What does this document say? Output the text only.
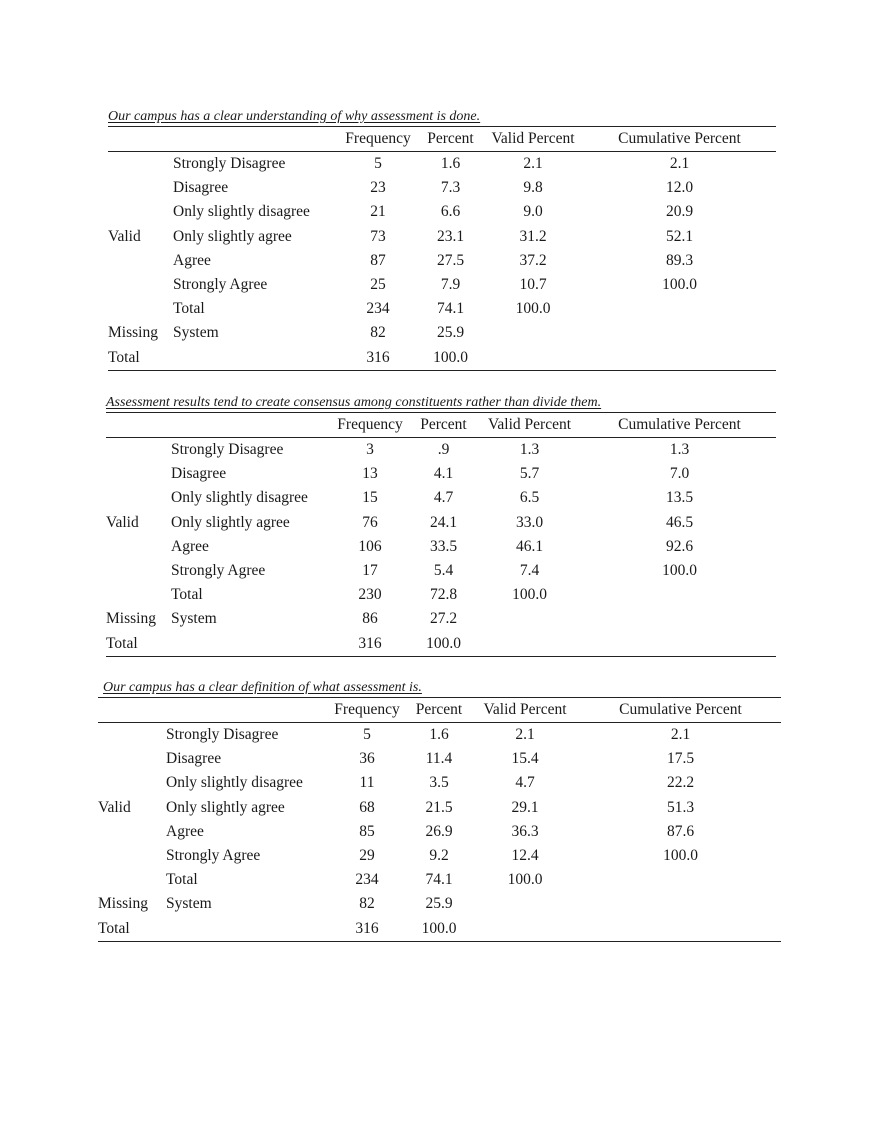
Our campus has a clear understanding of why assessment is done.
		Frequency	Percent	Valid Percent	Cumulative Percent
	Strongly Disagree	5	1.6	2.1	2.1
	Disagree	23	7.3	9.8	12.0
	Only slightly disagree	21	6.6	9.0	20.9
Valid	Only slightly agree	73	23.1	31.2	52.1
	Agree	87	27.5	37.2	89.3
	Strongly Agree	25	7.9	10.7	100.0
	Total	234	74.1	100.0	
Missing	System	82	25.9		
Total		316	100.0		
Assessment results tend to create consensus among constituents rather than divide them.
		Frequency	Percent	Valid Percent	Cumulative Percent
	Strongly Disagree	3	.9	1.3	1.3
	Disagree	13	4.1	5.7	7.0
	Only slightly disagree	15	4.7	6.5	13.5
Valid	Only slightly agree	76	24.1	33.0	46.5
	Agree	106	33.5	46.1	92.6
	Strongly Agree	17	5.4	7.4	100.0
	Total	230	72.8	100.0	
Missing	System	86	27.2		
Total		316	100.0		
Our campus has a clear definition of what assessment is.
		Frequency	Percent	Valid Percent	Cumulative Percent
	Strongly Disagree	5	1.6	2.1	2.1
	Disagree	36	11.4	15.4	17.5
	Only slightly disagree	11	3.5	4.7	22.2
Valid	Only slightly agree	68	21.5	29.1	51.3
	Agree	85	26.9	36.3	87.6
	Strongly Agree	29	9.2	12.4	100.0
	Total	234	74.1	100.0	
Missing	System	82	25.9		
Total		316	100.0		
